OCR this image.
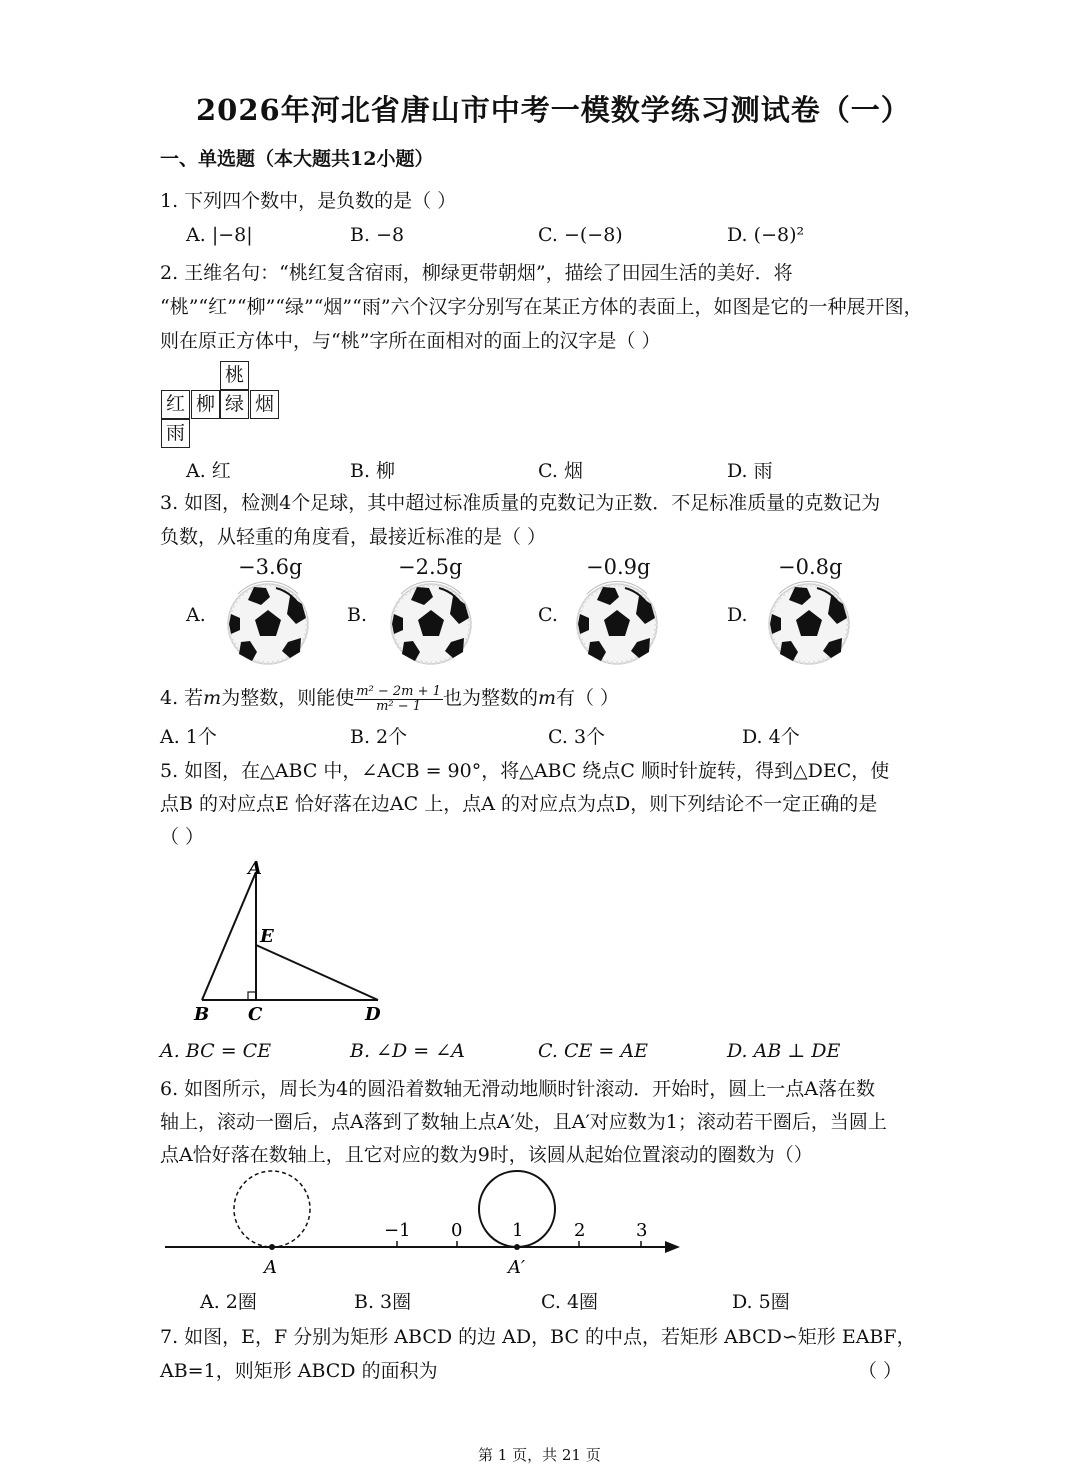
2026年河北省唐山市中考一模数学练习测试卷（一）
一、单选题（本大题共12小题）
1. 下列四个数中，是负数的是（ ）
A. |−8|	B. −8	C. −(−8)	D. (−8)²
2. 王维名句：“桃红复含宿雨，柳绿更带朝烟”，描绘了田园生活的美好．将
“桃”“红”“柳”“绿”“烟”“雨”六个汉字分别写在某正方体的表面上，如图是它的一种展开图，
则在原正方体中，与“桃”字所在面相对的面上的汉字是（ ）
桃
红 柳 绿 烟
雨
A. 红	B. 柳	C. 烟	D. 雨
3. 如图，检测4个足球，其中超过标准质量的克数记为正数．不足标准质量的克数记为
负数，从轻重的角度看，最接近标准的是（ ）
A.
−3.6g
B.
−2.5g
C.
−0.9g
D.
−0.8g
4. 若m为整数，则能使 $\frac{\text{m² − 2m + 1}}{\text{m² − 1}}$ 也为整数的m有（ ）
A. 1个	B. 2个	C. 3个	D. 4个
5. 如图，在△ABC 中，∠ACB = 90°，将△ABC 绕点C 顺时针旋转，得到△DEC，使
点B 的对应点E 恰好落在边AC 上，点A 的对应点为点D，则下列结论不一定正确的是
（ ）
A
E
B C	D
A. BC = CE	B. ∠D = ∠A	C. CE = AE	D. AB ⊥ DE
6. 如图所示，周长为4的圆沿着数轴无滑动地顺时针滚动．开始时，圆上一点A落在数
轴上，滚动一圈后，点A落到了数轴上点A′处，且A′对应数为1；滚动若干圈后，当圆上
点A恰好落在数轴上，且它对应的数为9时，该圆从起始位置滚动的圈数为（）
−1 0	1	2	3
A	A′
A. 2圈	B. 3圈	C. 4圈	D. 5圈
7. 如图，E，F 分别为矩形 ABCD 的边 AD，BC 的中点，若矩形 ABCD∽矩形 EABF，
AB=1，则矩形 ABCD 的面积为	（ ）
第 1 页，共 21 页
